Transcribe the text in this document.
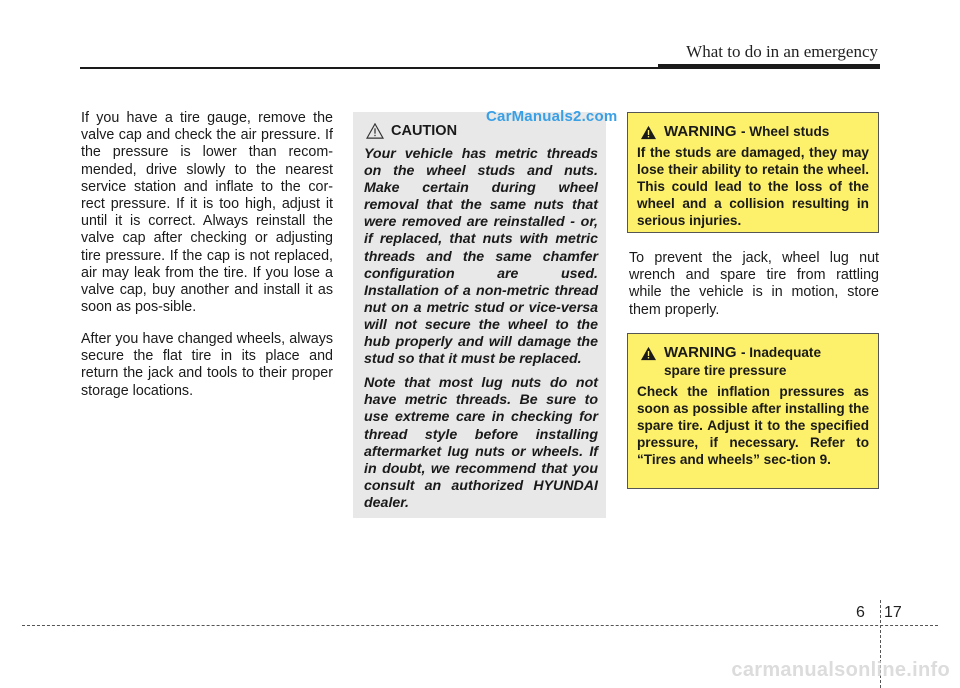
What to do in an emergency

If you have a tire gauge, remove the valve cap and check the air pressure. If the pressure is lower than recom-mended, drive slowly to the nearest service station and inflate to the cor-rect pressure. If it is too high, adjust it until it is correct. Always reinstall the valve cap after checking or adjusting tire pressure. If the cap is not replaced, air may leak from the tire. If you lose a valve cap, buy another and install it as soon as pos-sible.

After you have changed wheels, always secure the flat tire in its place and return the jack and tools to their proper storage locations.

CAUTION

Your vehicle has metric threads on the wheel studs and nuts. Make certain during wheel removal that the same nuts that were removed are reinstalled - or, if replaced, that nuts with metric threads and the same chamfer configuration are used. Installation of a non-metric thread nut on a metric stud or vice-versa will not secure the wheel to the hub properly and will damage the stud so that it must be replaced.

Note that most lug nuts do not have metric threads. Be sure to use extreme care in checking for thread style before installing aftermarket lug nuts or wheels. If in doubt, we recommend that you consult an authorized HYUNDAI dealer.

CarManuals2.com
WARNING - Wheel studs

If the studs are damaged, they may lose their ability to retain the wheel. This could lead to the loss of the wheel and a collision resulting in serious injuries.

To prevent the jack, wheel lug nut wrench and spare tire from rattling while the vehicle is in motion, store them properly.

WARNING - Inadequate
spare tire pressure

Check the inflation pressures as soon as possible after installing the spare tire. Adjust it to the specified pressure, if necessary. Refer to “Tires and wheels” sec-tion 9.

6 17
carmanualsonline.info
